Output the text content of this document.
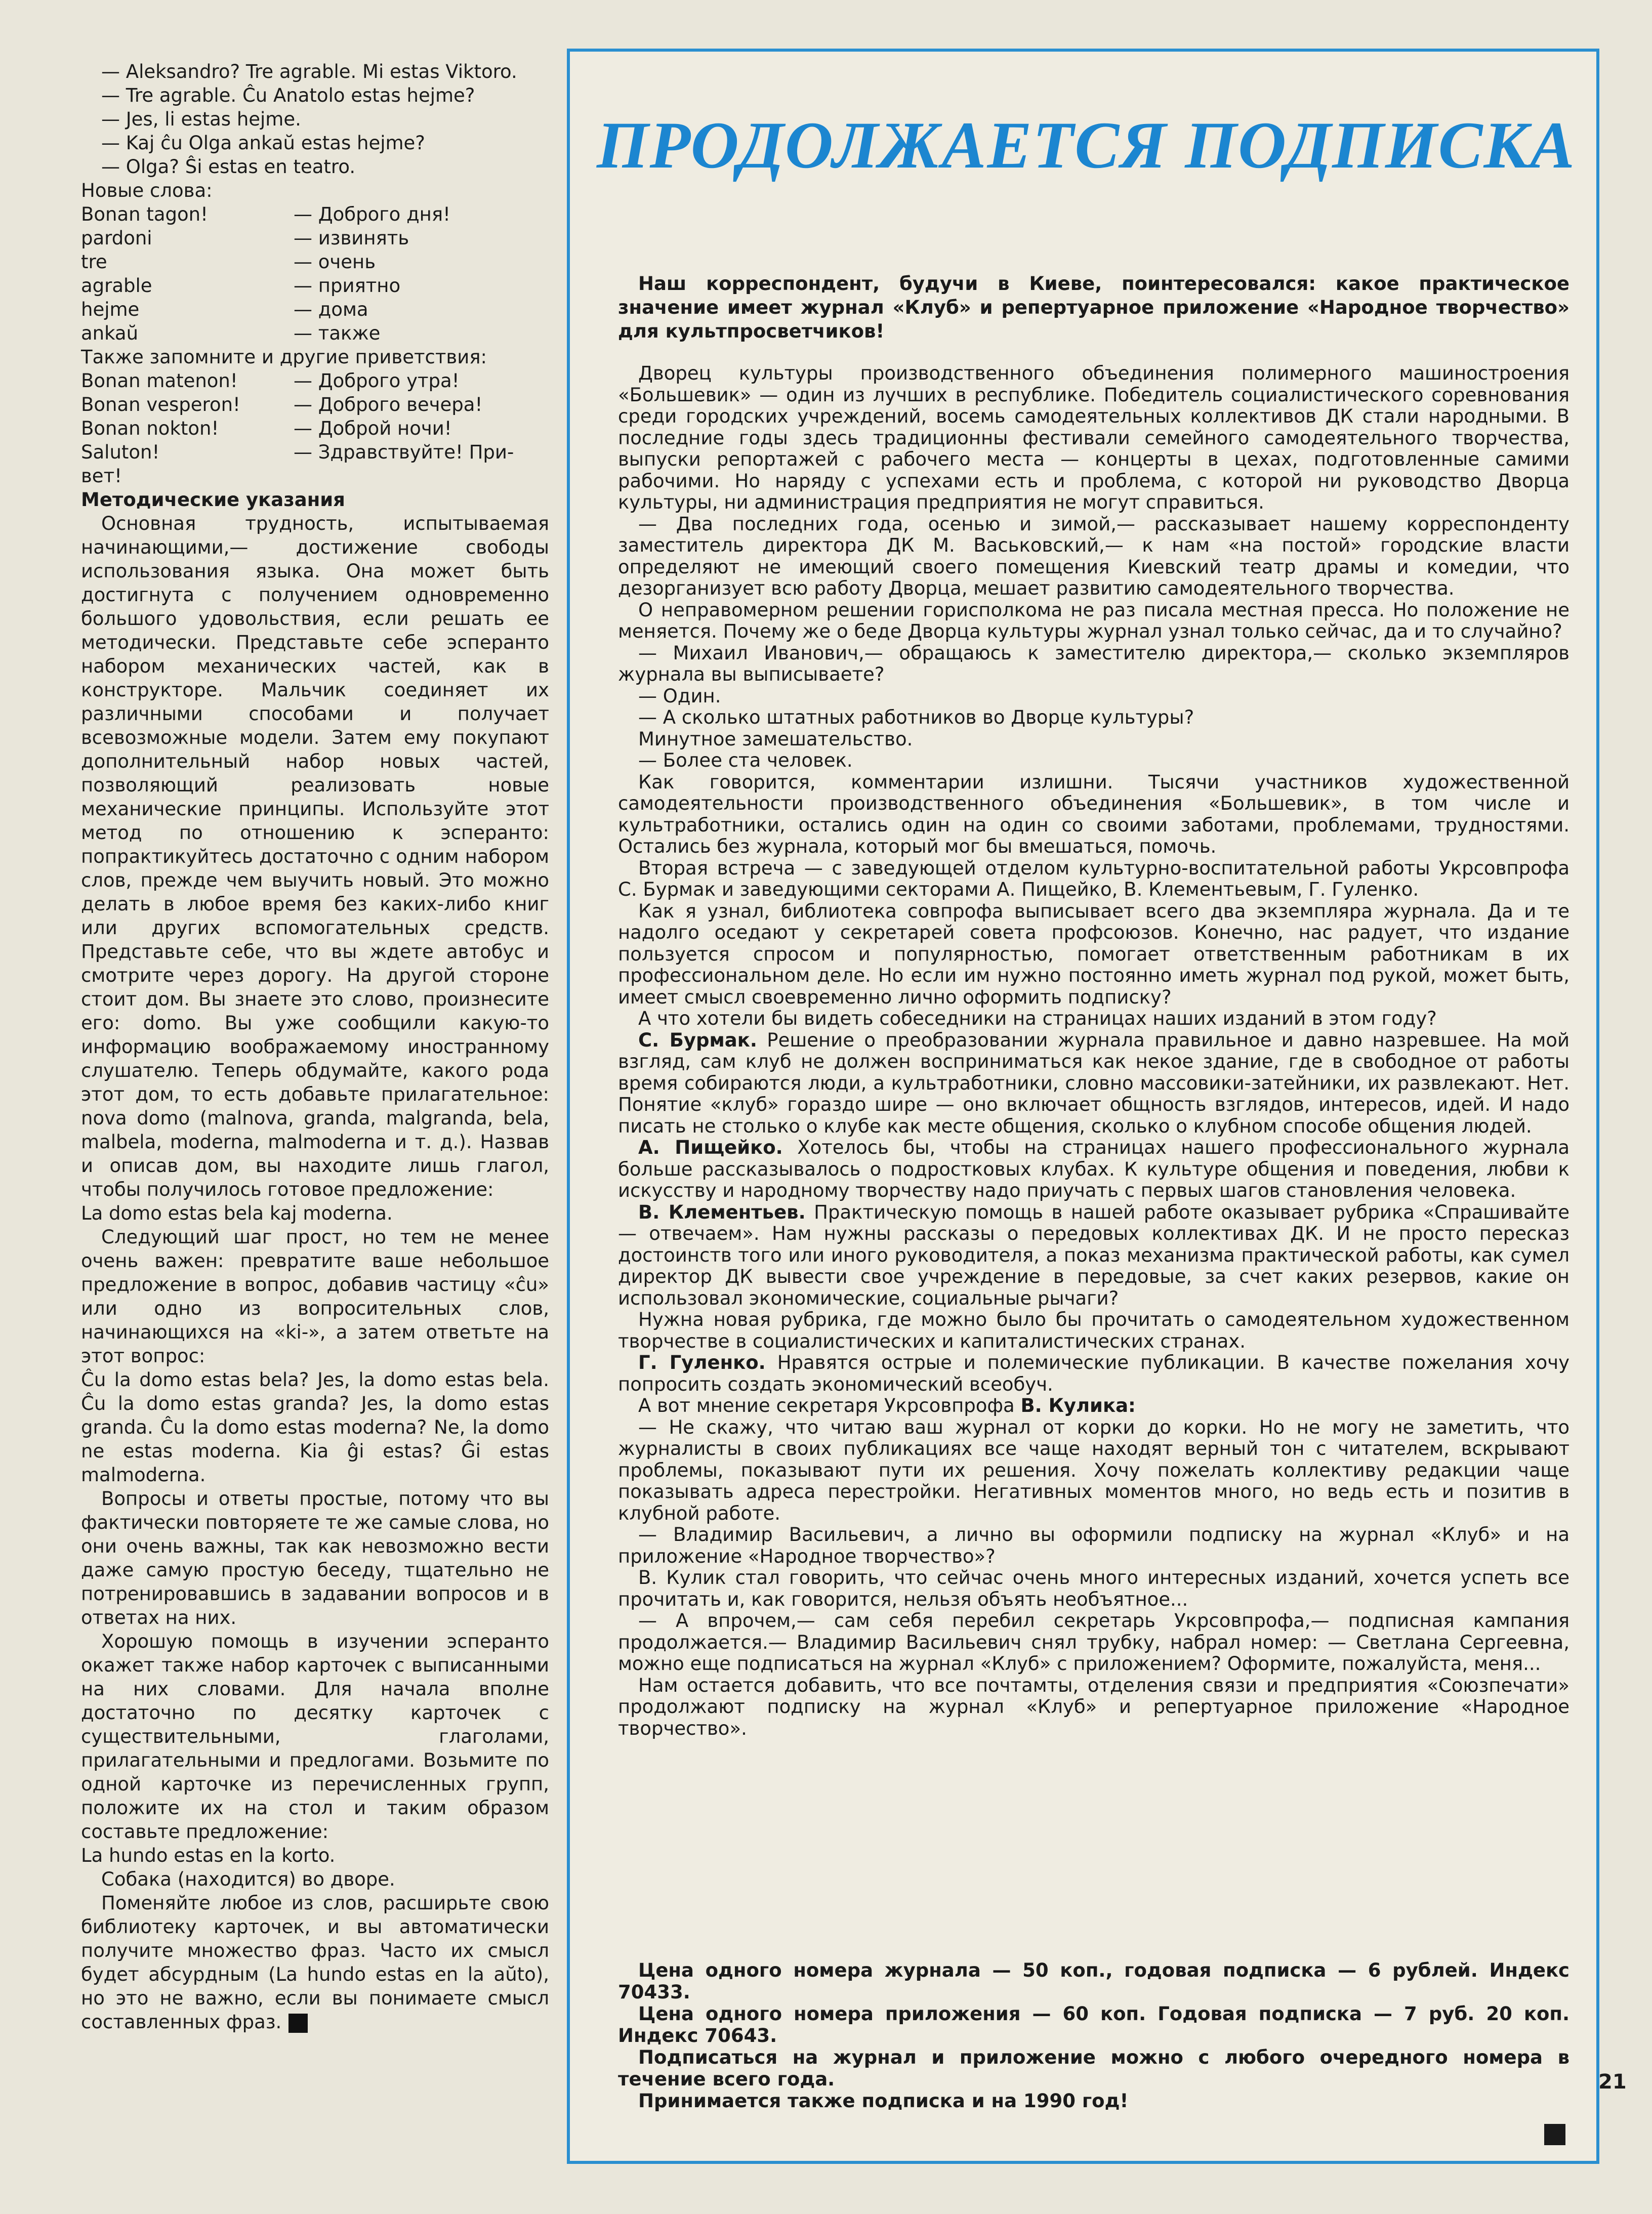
— Aleksandro? Tre agrable. Mi estas Viktoro.

— Tre agrable. Ĉu Anatolo estas hejme?

— Jes, li estas hejme.

— Kaj ĉu Olga ankaŭ estas hejme?

— Olga? Ŝi estas en teatro.

Новые слова:

Bonan tagon!	— Доброго дня!
pardoni	— извинять
tre	— очень
agrable	— приятно
hejme	— дома
ankaŭ	— также

Также запомните и другие приветствия:

Bonan matenon!	— Доброго утра!
Bonan vesperon!	— Доброго вечера!
Bonan nokton!	— Доброй ночи!
Saluton!	— Здравствуйте! При-

вет!

Методические указания

Основная трудность, испытываемая начинающими,— достижение свободы использования языка. Она может быть достигнута с получением одновременно большого удовольствия, если решать ее методически. Представьте себе эсперанто набором механических частей, как в конструкторе. Мальчик соединяет их различными способами и получает всевозможные модели. Затем ему покупают дополнительный набор новых частей, позволяющий реализовать новые механические принципы. Используйте этот метод по отношению к эсперанто: попрактикуйтесь достаточно с одним набором слов, прежде чем выучить новый. Это можно делать в любое время без каких-либо книг или других вспомогательных средств. Представьте себе, что вы ждете автобус и смотрите через дорогу. На другой стороне стоит дом. Вы знаете это слово, произнесите его: domo. Вы уже сообщили какую-то информацию воображаемому иностранному слушателю. Теперь обдумайте, какого рода этот дом, то есть добавьте прилагательное: nova domo (malnova, granda, malgranda, bela, malbela, moderna, malmoderna и т. д.). Назвав и описав дом, вы находите лишь глагол, чтобы получилось готовое предложение:

La domo estas bela kaj moderna.

Следующий шаг прост, но тем не менее очень важен: превратите ваше небольшое предложение в вопрос, добавив частицу «ĉu» или одно из вопросительных слов, начинающихся на «ki-», а затем ответьте на этот вопрос:

Ĉu la domo estas bela? Jes, la domo estas bela. Ĉu la domo estas granda? Jes, la domo estas granda. Ĉu la domo estas moderna? Ne, la domo ne estas moderna. Kia ĝi estas? Ĝi estas malmoderna.

Вопросы и ответы простые, потому что вы фактически повторяете те же самые слова, но они очень важны, так как невозможно вести даже самую простую беседу, тщательно не потренировавшись в задавании вопросов и в ответах на них.

Хорошую помощь в изучении эсперанто окажет также набор карточек с выписанными на них словами. Для начала вполне достаточно по десятку карточек с существительными, глаголами, прилагательными и предлогами. Возьмите по одной карточке из перечисленных групп, положите их на стол и таким образом составьте предложение:

La hundo estas en la korto.

Собака (находится) во дворе.

Поменяйте любое из слов, расширьте свою библиотеку карточек, и вы автоматически получите множество фраз. Часто их смысл будет абсурдным (La hundo estas en la aŭto), но это не важно, если вы понимаете смысл составленных фраз.

ПРОДОЛЖАЕТСЯ ПОДПИСКА

Наш корреспондент, будучи в Киеве, поинтересовался: какое практическое значение имеет журнал «Клуб» и репертуарное приложение «Народное творчество» для культпросветчиков!

Дворец культуры производственного объединения полимерного машиностроения «Большевик» — один из лучших в республике. Победитель социалистического соревнования среди городских учреждений, восемь самодеятельных коллективов ДК стали народными. В последние годы здесь традиционны фестивали семейного самодеятельного творчества, выпуски репортажей с рабочего места — концерты в цехах, подготовленные самими рабочими. Но наряду с успехами есть и проблема, с которой ни руководство Дворца культуры, ни администрация предприятия не могут справиться.

— Два последних года, осенью и зимой,— рассказывает нашему корреспонденту заместитель директора ДК М. Васьковский,— к нам «на постой» городские власти определяют не имеющий своего помещения Киевский театр драмы и комедии, что дезорганизует всю работу Дворца, мешает развитию самодеятельного творчества.

О неправомерном решении горисполкома не раз писала местная пресса. Но положение не меняется. Почему же о беде Дворца культуры журнал узнал только сейчас, да и то случайно?

— Михаил Иванович,— обращаюсь к заместителю директора,— сколько экземпляров журнала вы выписываете?

— Один.

— А сколько штатных работников во Дворце культуры?

Минутное замешательство.

— Более ста человек.

Как говорится, комментарии излишни. Тысячи участников художественной самодеятельности производственного объединения «Большевик», в том числе и культработники, остались один на один со своими заботами, проблемами, трудностями. Остались без журнала, который мог бы вмешаться, помочь.

Вторая встреча — с заведующей отделом культурно-воспитательной работы Укрсовпрофа С. Бурмак и заведующими секторами А. Пищейко, В. Клементьевым, Г. Гуленко.

Как я узнал, библиотека совпрофа выписывает всего два экземпляра журнала. Да и те надолго оседают у секретарей совета профсоюзов. Конечно, нас радует, что издание пользуется спросом и популярностью, помогает ответственным работникам в их профессиональном деле. Но если им нужно постоянно иметь журнал под рукой, может быть, имеет смысл своевременно лично оформить подписку?

А что хотели бы видеть собеседники на страницах наших изданий в этом году?

С. Бурмак. Решение о преобразовании журнала правильное и давно назревшее. На мой взгляд, сам клуб не должен восприниматься как некое здание, где в свободное от работы время собираются люди, а культработники, словно массовики-затейники, их развлекают. Нет. Понятие «клуб» гораздо шире — оно включает общность взглядов, интересов, идей. И надо писать не столько о клубе как месте общения, сколько о клубном способе общения людей.

А. Пищейко. Хотелось бы, чтобы на страницах нашего профессионального журнала больше рассказывалось о подростковых клубах. К культуре общения и поведения, любви к искусству и народному творчеству надо приучать с первых шагов становления человека.

В. Клементьев. Практическую помощь в нашей работе оказывает рубрика «Спрашивайте — отвечаем». Нам нужны рассказы о передовых коллективах ДК. И не просто пересказ достоинств того или иного руководителя, а показ механизма практической работы, как сумел директор ДК вывести свое учреждение в передовые, за счет каких резервов, какие он использовал экономические, социальные рычаги?

Нужна новая рубрика, где можно было бы прочитать о самодеятельном художественном творчестве в социалистических и капиталистических странах.

Г. Гуленко. Нравятся острые и полемические публикации. В качестве пожелания хочу попросить создать экономический всеобуч.

А вот мнение секретаря Укрсовпрофа В. Кулика:

— Не скажу, что читаю ваш журнал от корки до корки. Но не могу не заметить, что журналисты в своих публикациях все чаще находят верный тон с читателем, вскрывают проблемы, показывают пути их решения. Хочу пожелать коллективу редакции чаще показывать адреса перестройки. Негативных моментов много, но ведь есть и позитив в клубной работе.

— Владимир Васильевич, а лично вы оформили подписку на журнал «Клуб» и на приложение «Народное творчество»?

В. Кулик стал говорить, что сейчас очень много интересных изданий, хочется успеть все прочитать и, как говорится, нельзя объять необъятное...

— А впрочем,— сам себя перебил секретарь Укрсовпрофа,— подписная кампания продолжается.— Владимир Васильевич снял трубку, набрал номер: — Светлана Сергеевна, можно еще подписаться на журнал «Клуб» с приложением? Оформите, пожалуйста, меня...

Нам остается добавить, что все почтамты, отделения связи и предприятия «Союзпечати» продолжают подписку на журнал «Клуб» и репертуарное приложение «Народное творчество».

Цена одного номера журнала — 50 коп., годовая подписка — 6 рублей. Индекс 70433.

Цена одного номера приложения — 60 коп. Годовая подписка — 7 руб. 20 коп. Индекс 70643.

Подписаться на журнал и приложение можно с любого очередного номера в течение всего года.

Принимается также подписка и на 1990 год!

21
